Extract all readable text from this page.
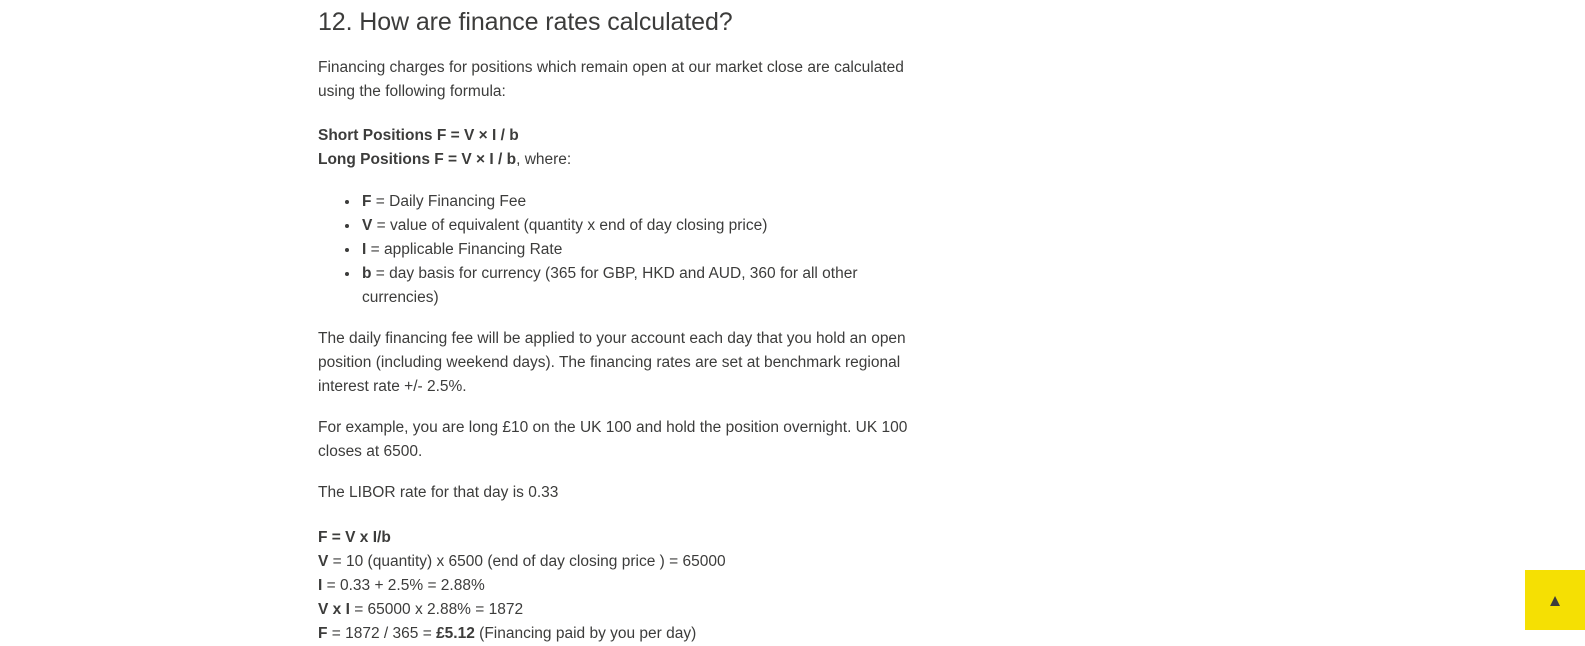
12. How are finance rates calculated?

Financing charges for positions which remain open at our market close are calculated using the following formula:

Short Positions F = V × I / b
Long Positions F = V × I / b, where:

• F = Daily Financing Fee
• V = value of equivalent (quantity x end of day closing price)
• I = applicable Financing Rate
• b = day basis for currency (365 for GBP, HKD and AUD, 360 for all other currencies)

The daily financing fee will be applied to your account each day that you hold an open position (including weekend days). The financing rates are set at benchmark regional interest rate +/- 2.5%.

For example, you are long £10 on the UK 100 and hold the position overnight. UK 100 closes at 6500.

The LIBOR rate for that day is 0.33

F = V x I/b
V = 10 (quantity) x 6500 (end of day closing price ) = 65000
I = 0.33 + 2.5% = 2.88%
V x I = 65000 x 2.88% = 1872
F = 1872 / 365 = £5.12 (Financing paid by you per day)

▲
